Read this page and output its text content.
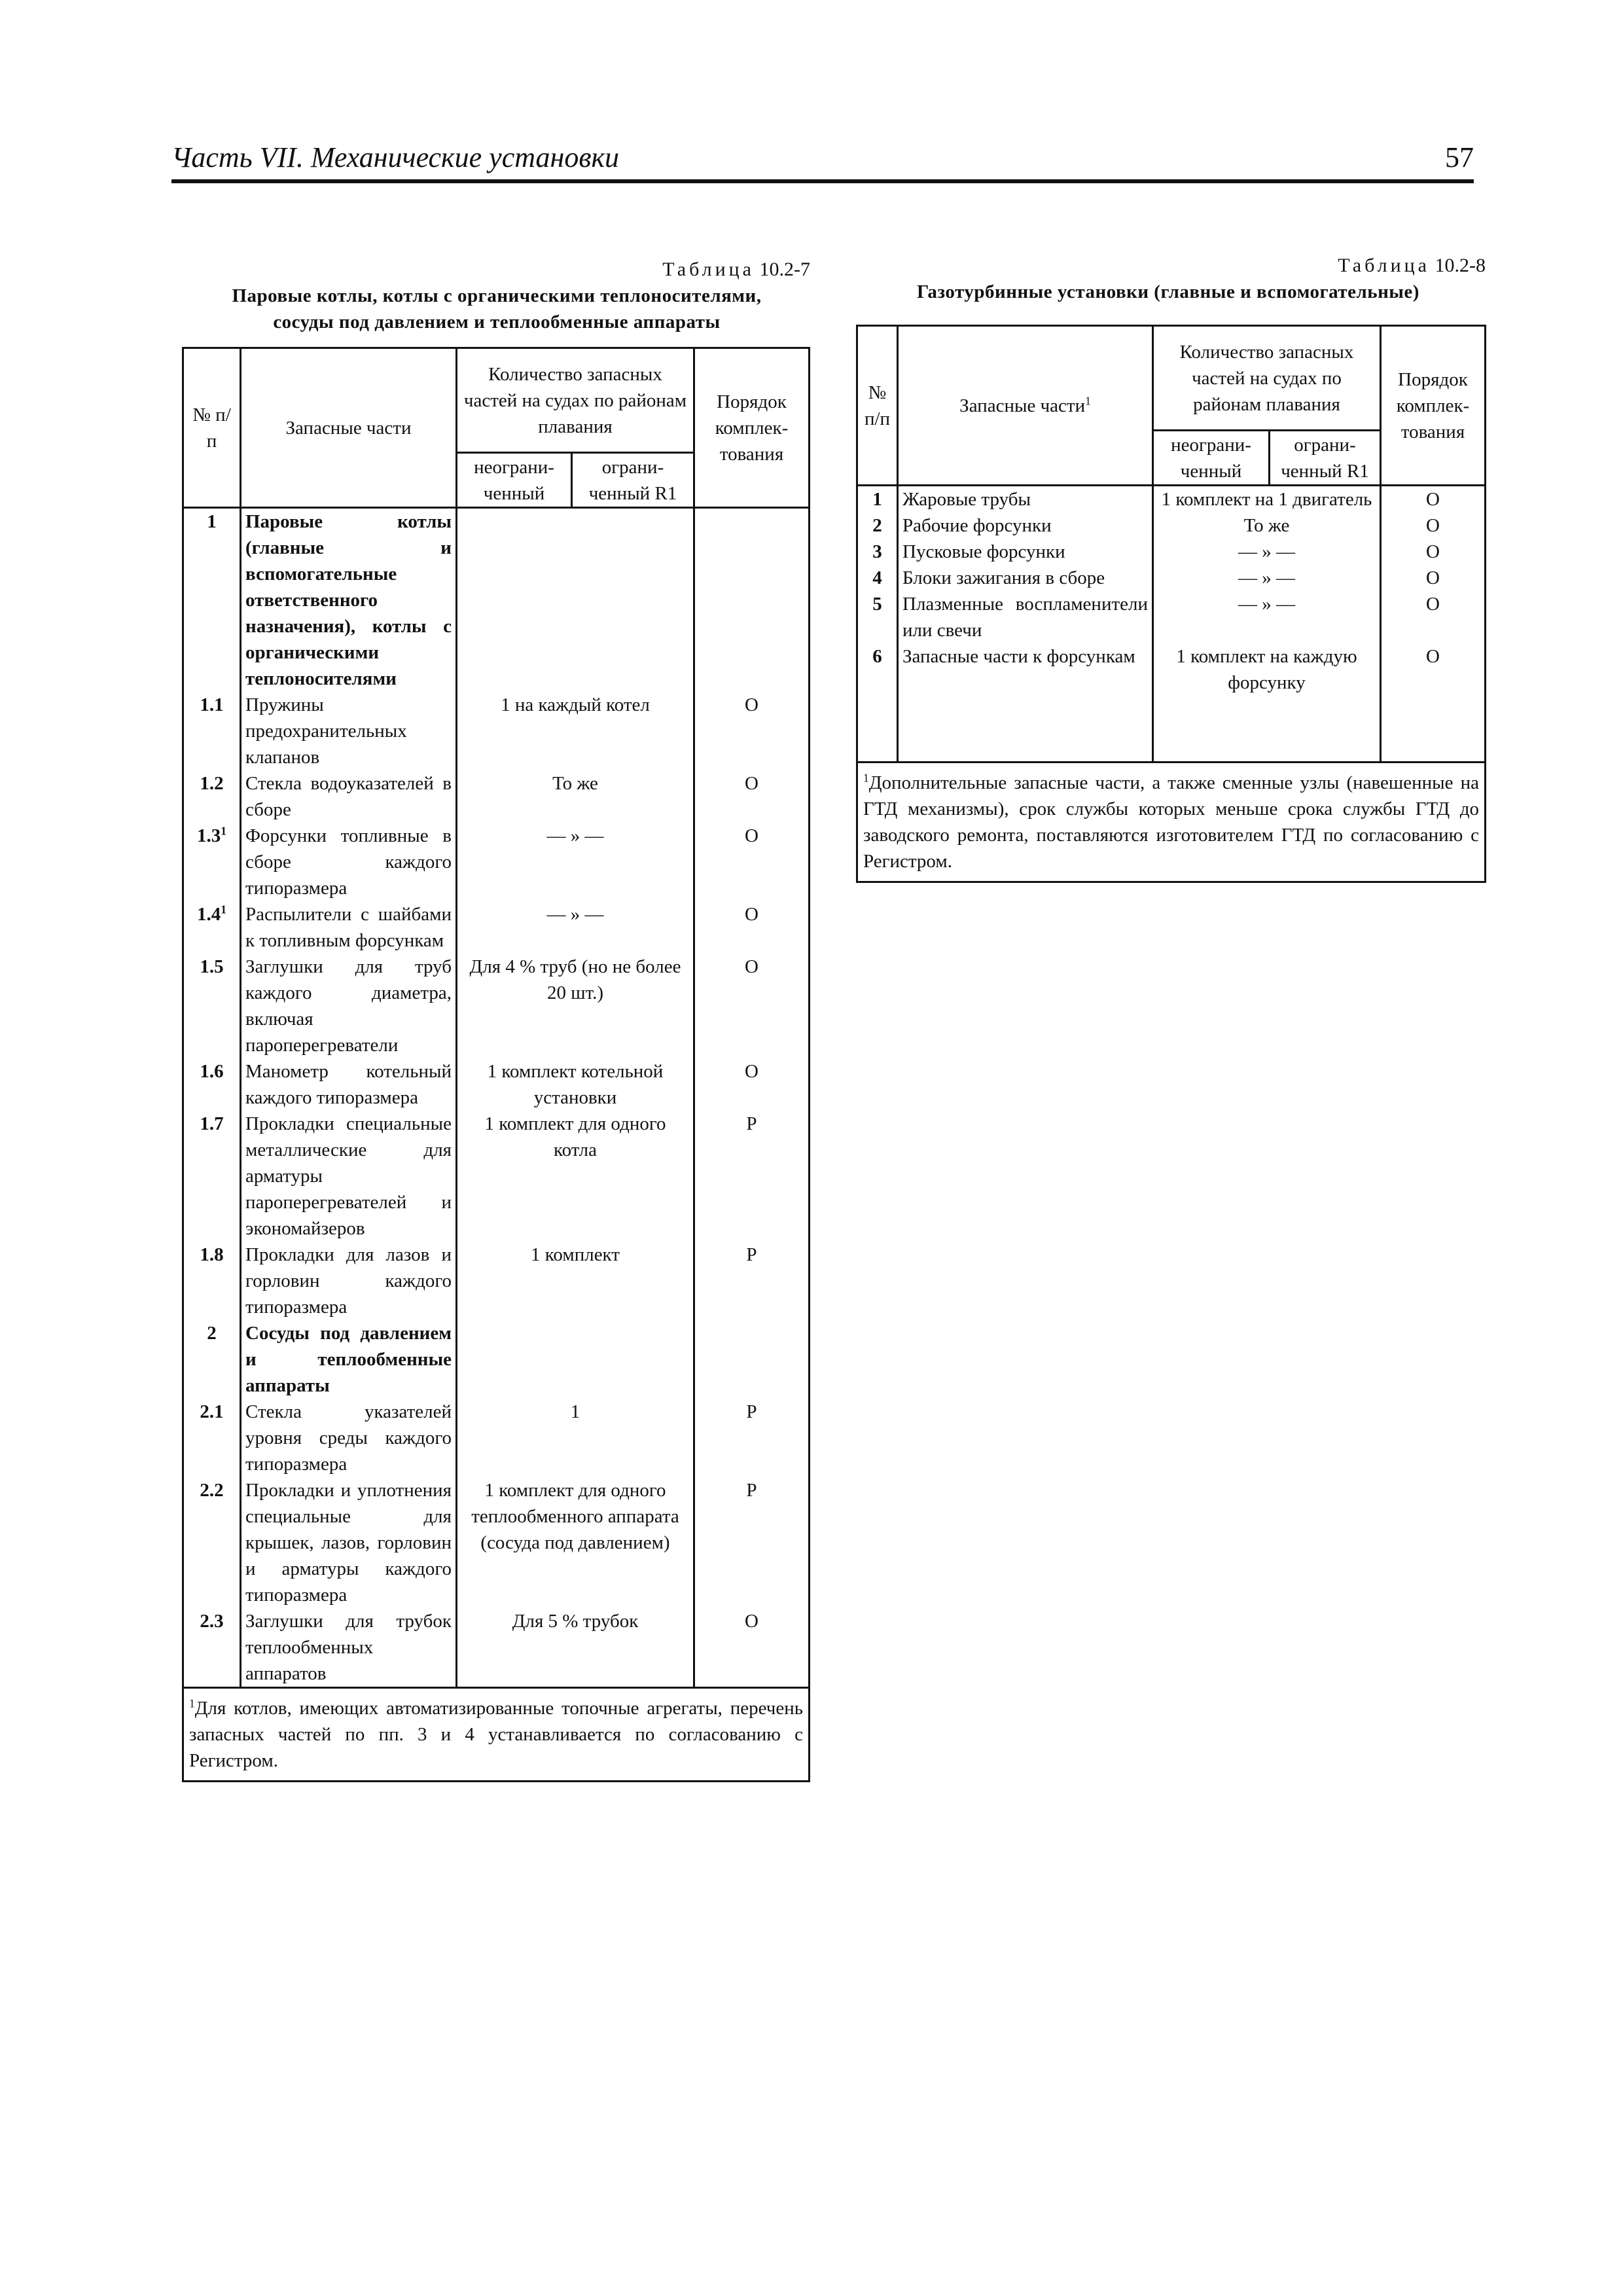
Часть VII. Механические установки	57
Таблица 10.2-7
Паровые котлы, котлы с органическими теплоносителями,
сосуды под давлением и теплообменные аппараты
№ п/п	Запасные части	Количество запасных частей на судах по районам плавания		Порядок комплек-тования
		неограни-ченный	ограни-ченный R1	
1	Паровые котлы (главные и вспомогательные ответственного назначения), котлы с органическими теплоносителями			
1.1	Пружины предохранительных клапанов	1 на каждый котел		О
1.2	Стекла водоуказателей в сборе	То же		О
$1.3^1$	Форсунки топливные в сборе каждого типоразмера	— » —		О
$1.4^1$	Распылители с шайбами к топливным форсункам	— » —		О
1.5	Заглушки для труб каждого диаметра, включая пароперегреватели	Для 4 % труб (но не более 20 шт.)		О
1.6	Манометр котельный каждого типоразмера	1 комплект котельной установки		О
1.7	Прокладки специальные металлические для арматуры пароперегревателей и экономайзеров	1 комплект для одного котла		Р
1.8	Прокладки для лазов и горловин каждого типоразмера	1 комплект		Р
2	Сосуды под давлением и теплообменные аппараты			
2.1	Стекла указателей уровня среды каждого типоразмера	1		Р
2.2	Прокладки и уплотнения специальные для крышек, лазов, горловин и арматуры каждого типоразмера	1 комплект для одного теплообменного аппарата (сосуда под давлением)		Р
2.3	Заглушки для трубок теплообменных аппаратов	Для 5 % трубок		О
$^1$Для котлов, имеющих автоматизированные топочные агрегаты, перечень запасных частей по пп. 3 и 4 устанавливается по согласованию с Регистром.				
Таблица 10.2-8
Газотурбинные установки (главные и вспомогательные)
№ п/п	Запасные части$^1$	Количество запасных частей на судах по районам плавания		Порядок комплек-тования
		неограни-ченный	ограни-ченный R1	
1	Жаровые трубы	1 комплект на 1 двигатель		О
2	Рабочие форсунки	То же		О
3	Пусковые форсунки	— » —		О
4	Блоки зажигания в сборе	— » —		О
5	Плазменные воспламенители или свечи	— » —		О
6	Запасные части к форсункам	1 комплект на каждую форсунку		О

$^1$Дополнительные запасные части, а также сменные узлы (навешенные на ГТД механизмы), срок службы которых меньше срока службы ГТД до заводского ремонта, поставляются изготовителем ГТД по согласованию с Регистром.				
